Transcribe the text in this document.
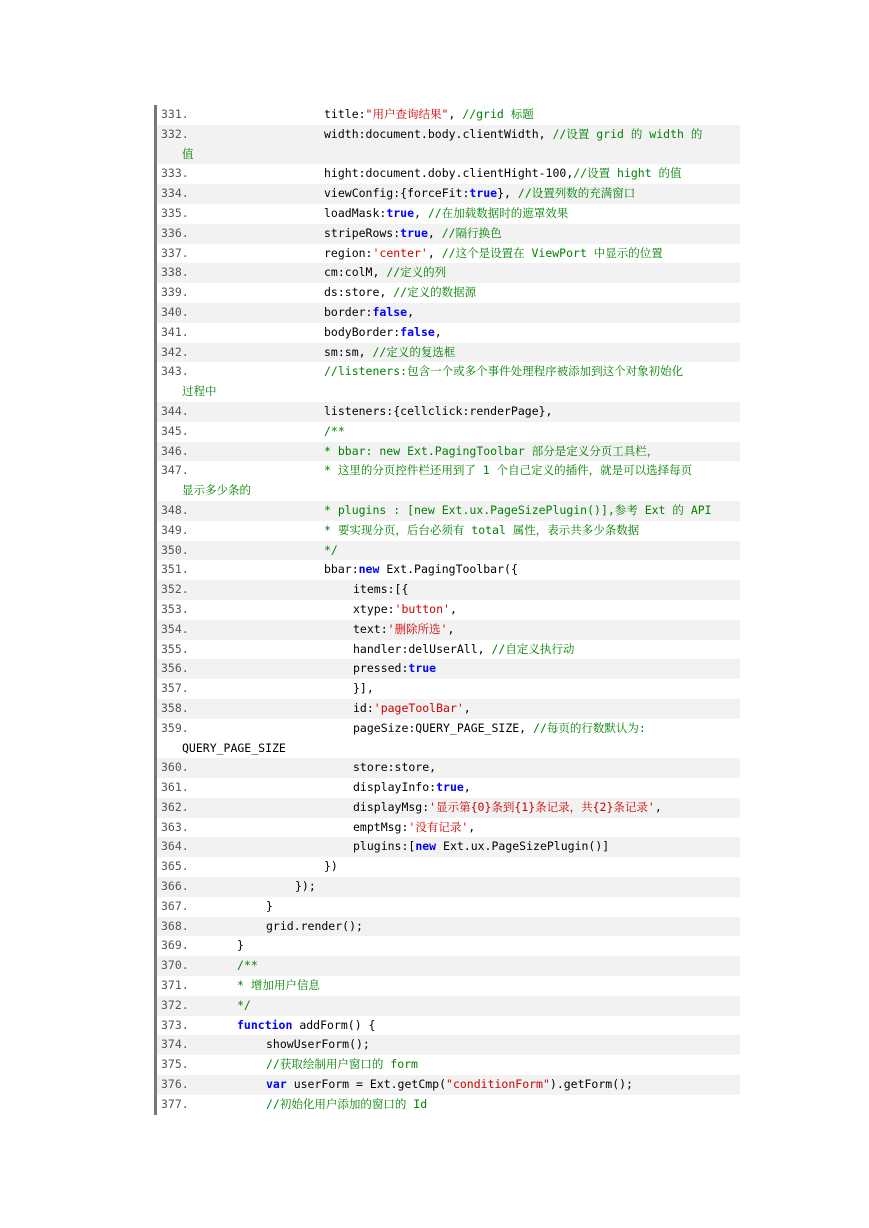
331.	title:"用户查询结果", //grid 标题
332.	width:document.body.clientWidth, //设置 grid 的 width 的
值
333.	hight:document.doby.clientHight-100,//设置 hight 的值
334.	viewConfig:{forceFit:true}, //设置列数的充满窗口
335.	loadMask:true, //在加载数据时的遮罩效果
336.	stripeRows:true, //隔行换色
337.	region:'center', //这个是设置在 ViewPort 中显示的位置
338.	cm:colM, //定义的列
339.	ds:store, //定义的数据源
340.	border:false,
341.	bodyBorder:false,
342.	sm:sm, //定义的复选框
343.	//listeners:包含一个或多个事件处理程序被添加到这个对象初始化
过程中
344.	listeners:{cellclick:renderPage},
345.	/**
346.	* bbar: new Ext.PagingToolbar 部分是定义分页工具栏，
347.	* 这里的分页控件栏还用到了 1 个自己定义的插件，就是可以选择每页
显示多少条的
348.	* plugins : [new Ext.ux.PageSizePlugin()],参考 Ext 的 API
349.	* 要实现分页，后台必须有 total 属性，表示共多少条数据
350.	*/
351.	bbar:new Ext.PagingToolbar({
352.	items:[{
353.	xtype:'button',
354.	text:'删除所选',
355.	handler:delUserAll, //自定义执行动
356.	pressed:true
357.	}],
358.	id:'pageToolBar',
359.	pageSize:QUERY_PAGE_SIZE, //每页的行数默认为:
QUERY_PAGE_SIZE
360.	store:store,
361.	displayInfo:true,
362.	displayMsg:'显示第{0}条到{1}条记录，共{2}条记录',
363.	emptMsg:'没有记录',
364.	plugins:[new Ext.ux.PageSizePlugin()]
365.	})
366.	});
367.	}
368.	grid.render();
369.	}
370.	/**
371.	* 增加用户信息
372.	*/
373.	function addForm() {
374.	showUserForm();
375.	//获取绘制用户窗口的 form
376.	var userForm = Ext.getCmp("conditionForm").getForm();
377.	//初始化用户添加的窗口的 Id
